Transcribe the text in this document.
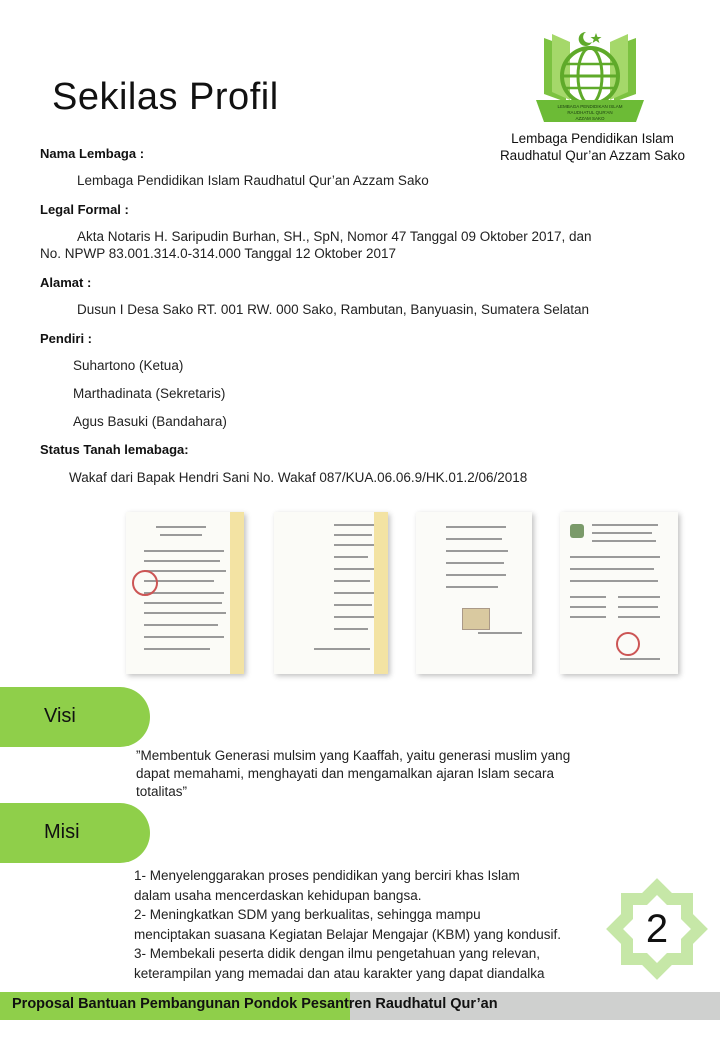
Sekilas Profil	LEMBAGA PENDIDIKAN ISLAM
RAUDHATUL QUR'AN
AZZAM SAKO
Lembaga Pendidikan Islam
Raudhatul Qur’an Azzam Sako
Nama Lembaga :
Lembaga Pendidikan Islam Raudhatul Qur’an Azzam Sako
Legal Formal :
Akta Notaris H. Saripudin Burhan, SH., SpN, Nomor 47 Tanggal 09 Oktober 2017, dan
No. NPWP 83.001.314.0-314.000 Tanggal 12 Oktober 2017
Alamat :
Dusun I Desa Sako RT. 001 RW. 000 Sako, Rambutan, Banyuasin, Sumatera Selatan
Pendiri :
Suhartono (Ketua)
Marthadinata (Sekretaris)
Agus Basuki (Bandahara)
Status Tanah lemabaga:
Wakaf dari Bapak Hendri Sani No. Wakaf 087/KUA.06.06.9/HK.01.2/06/2018
Visi
”Membentuk Generasi mulsim yang Kaaffah, yaitu generasi muslim yang
dapat memahami, menghayati dan mengamalkan ajaran Islam secara
totalitas”
Misi
1- Menyelenggarakan proses pendidikan yang berciri khas Islam
dalam usaha mencerdaskan kehidupan bangsa.
2- Meningkatkan SDM yang berkualitas, sehingga mampu
menciptakan suasana Kegiatan Belajar Mengajar (KBM) yang kondusif.
3- Membekali peserta didik dengan ilmu pengetahuan yang relevan,
keterampilan yang memadai dan atau karakter yang dapat diandalka
2
Proposal Bantuan Pembangunan Pondok Pesantren Raudhatul Qur’an
